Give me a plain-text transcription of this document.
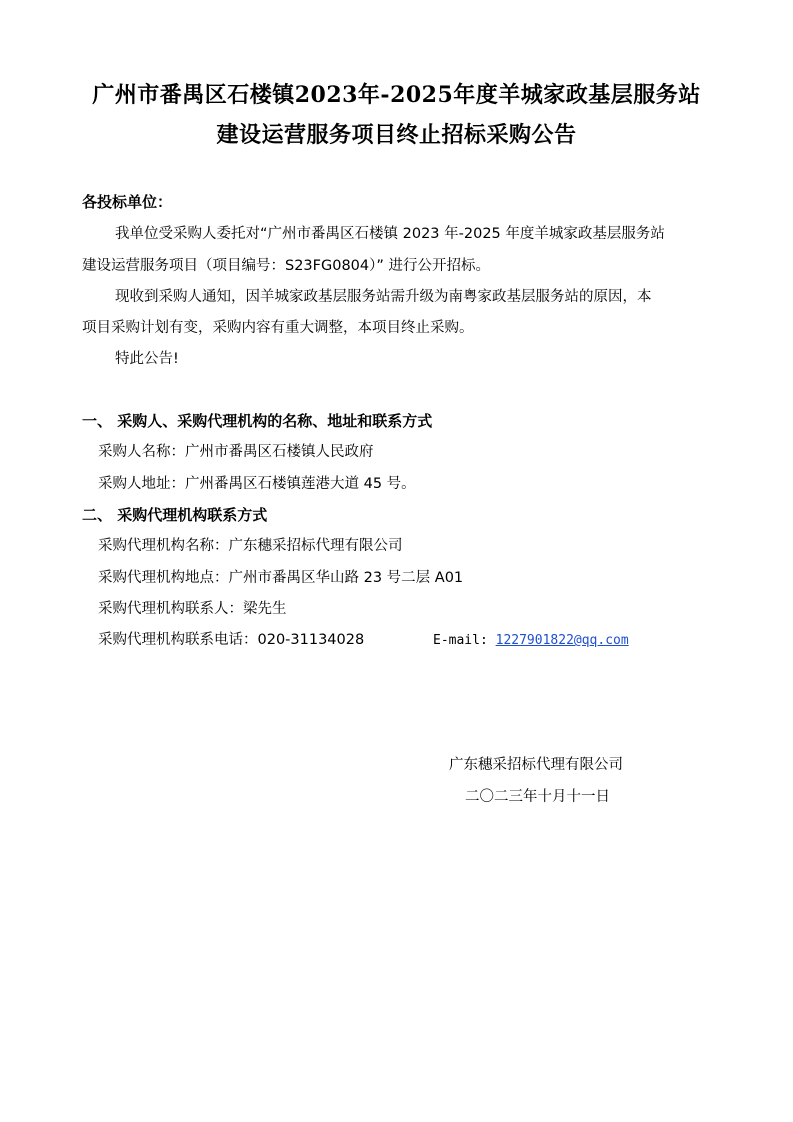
广州市番禺区石楼镇2023年-2025年度羊城家政基层服务站
建设运营服务项目终止招标采购公告
各投标单位：
我单位受采购人委托对“广州市番禺区石楼镇 2023 年-2025 年度羊城家政基层服务站
建设运营服务项目（项目编号：S23FG0804）” 进行公开招标。
现收到采购人通知，因羊城家政基层服务站需升级为南粤家政基层服务站的原因，本
项目采购计划有变，采购内容有重大调整，本项目终止采购。
特此公告!
一、 采购人、采购代理机构的名称、地址和联系方式
采购人名称：广州市番禺区石楼镇人民政府
采购人地址：广州番禺区石楼镇莲港大道 45 号。
二、 采购代理机构联系方式
采购代理机构名称：广东穗采招标代理有限公司
采购代理机构地点：广州市番禺区华山路 23 号二层 A01
采购代理机构联系人：梁先生
采购代理机构联系电话：020-31134028	E-mail: 1227901822@qq.com
广东穗采招标代理有限公司
二〇二三年十月十一日
